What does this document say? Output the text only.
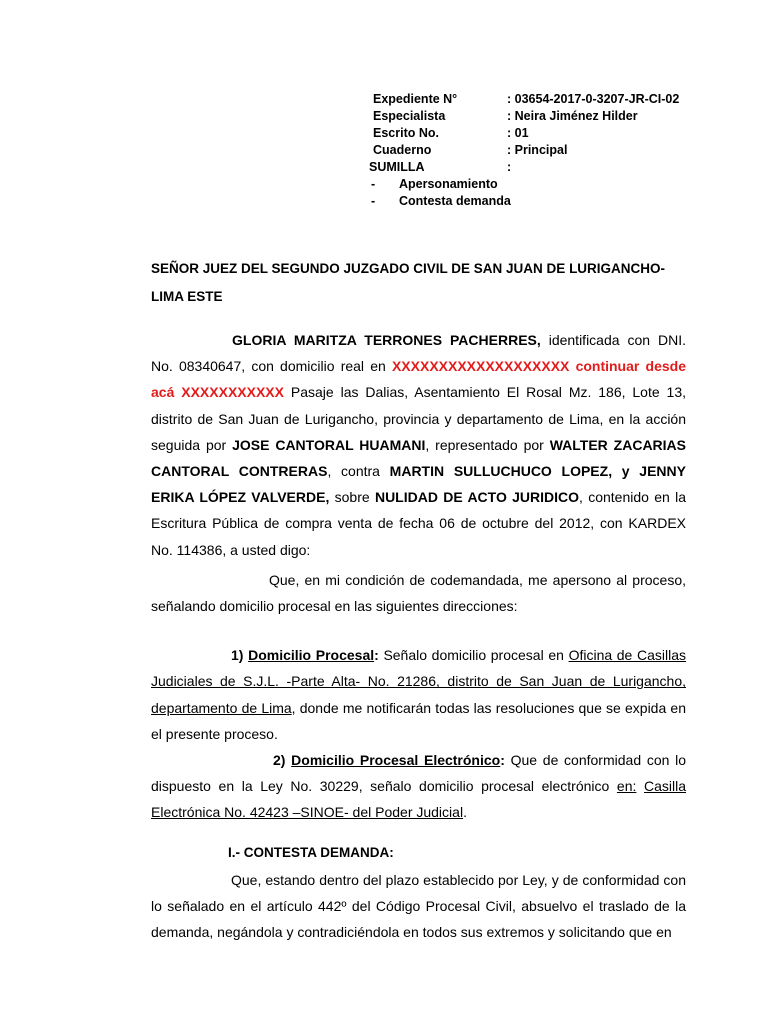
Expediente N°
Especialista
Escrito No.
Cuaderno
SUMILLA
: 03654-2017-0-3207-JR-CI-02
: Neira Jiménez Hilder
: 01
: Principal
:
- Apersonamiento
- Contesta demanda
SEÑOR JUEZ DEL SEGUNDO JUZGADO CIVIL DE SAN JUAN DE LURIGANCHO-LIMA ESTE

GLORIA MARITZA TERRONES PACHERRES, identificada con DNI. No. 08340647, con domicilio real en XXXXXXXXXXXXXXXXXXX continuar desde acá XXXXXXXXXXX Pasaje las Dalias, Asentamiento El Rosal Mz. 186, Lote 13, distrito de San Juan de Lurigancho, provincia y departamento de Lima, en la acción seguida por JOSE CANTORAL HUAMANI, representado por WALTER ZACARIAS CANTORAL CONTRERAS, contra MARTIN SULLUCHUCO LOPEZ, y JENNY ERIKA LÓPEZ VALVERDE, sobre NULIDAD DE ACTO JURIDICO, contenido en la Escritura Pública de compra venta de fecha 06 de octubre del 2012, con KARDEX No. 114386, a usted digo:

Que, en mi condición de codemandada, me apersono al proceso, señalando domicilio procesal en las siguientes direcciones:

1) Domicilio Procesal: Señalo domicilio procesal en Oficina de Casillas Judiciales de S.J.L. -Parte Alta- No. 21286, distrito de San Juan de Lurigancho, departamento de Lima, donde me notificarán todas las resoluciones que se expida en el presente proceso.

2) Domicilio Procesal Electrónico: Que de conformidad con lo dispuesto en la Ley No. 30229, señalo domicilio procesal electrónico en: Casilla Electrónica No. 42423 –SINOE- del Poder Judicial.

I.- CONTESTA DEMANDA:

Que, estando dentro del plazo establecido por Ley, y de conformidad con lo señalado en el artículo 442º del Código Procesal Civil, absuelvo el traslado de la demanda, negándola y contradiciéndola en todos sus extremos y solicitando que en
